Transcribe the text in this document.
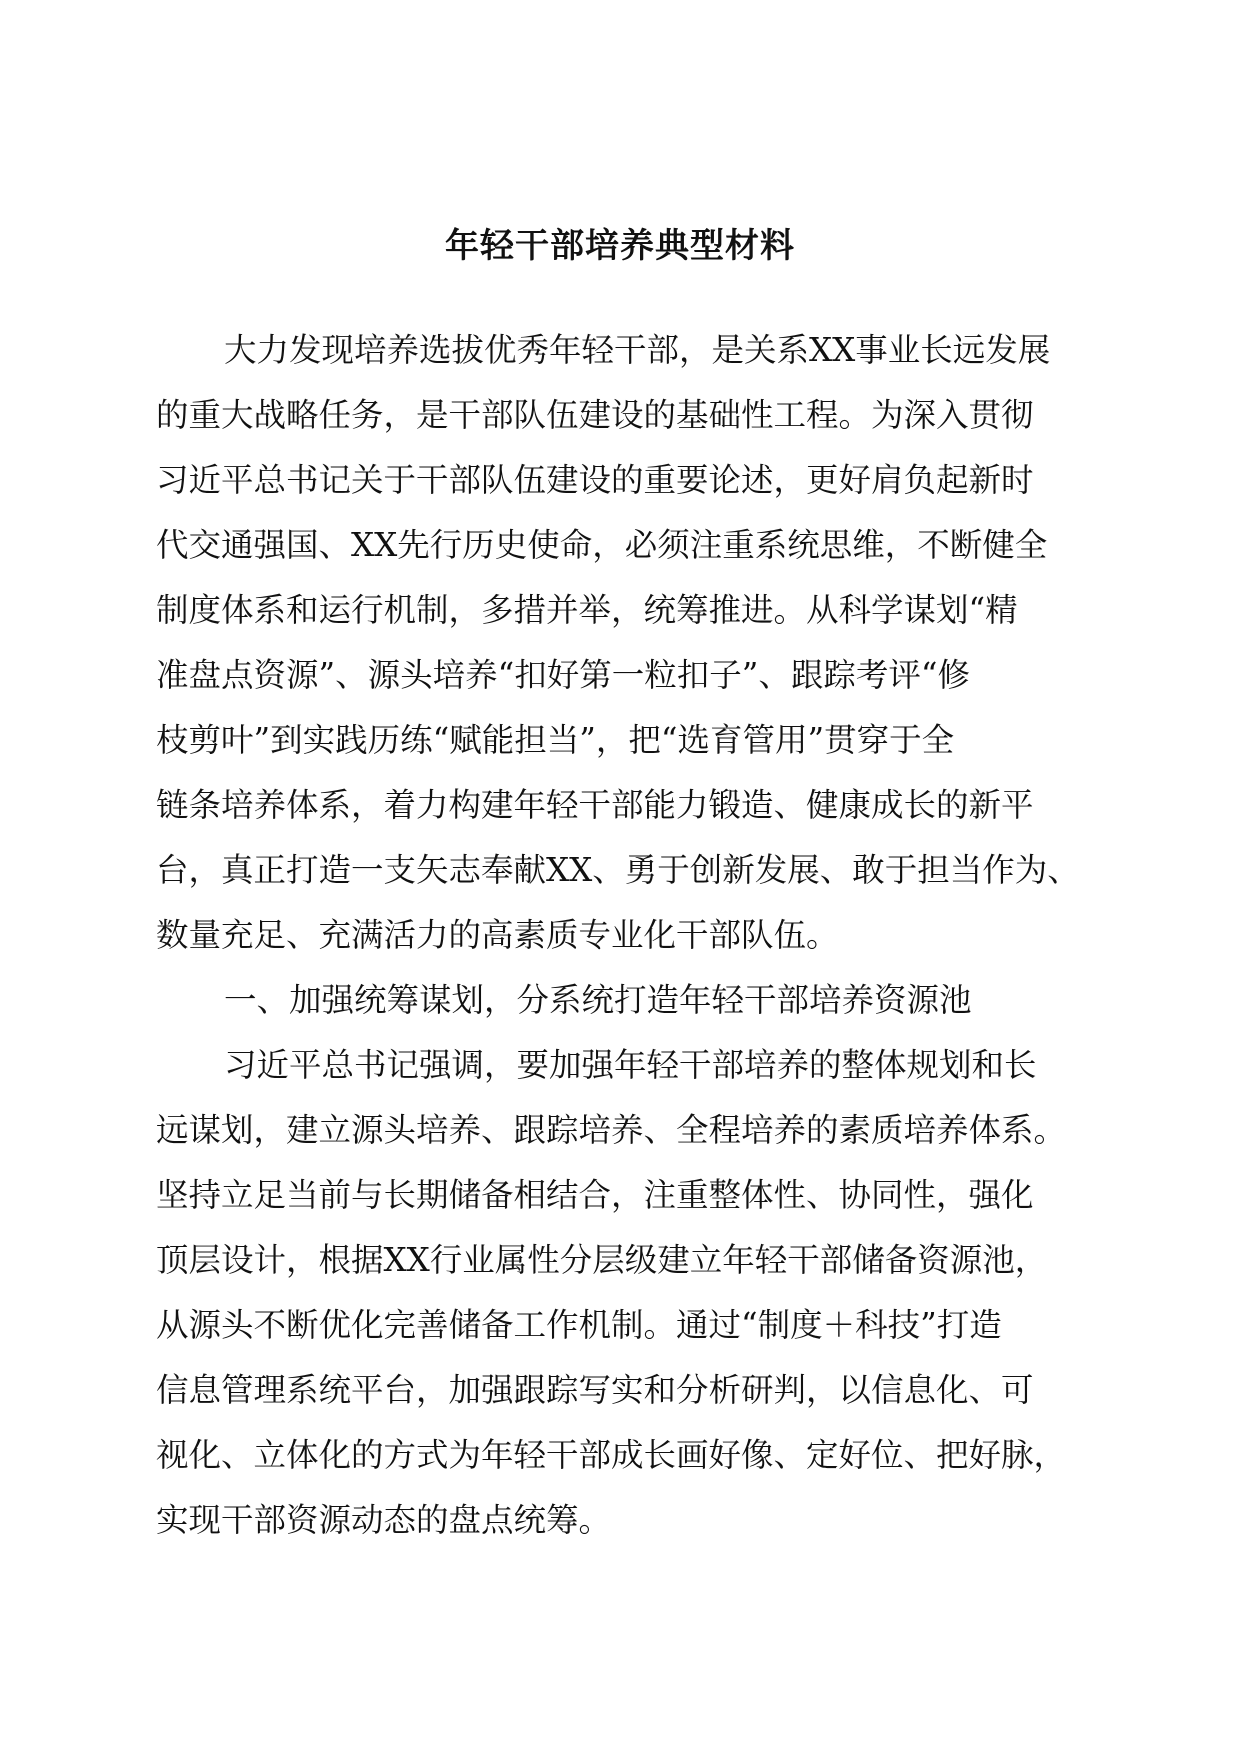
年轻干部培养典型材料

大力发现培养选拔优秀年轻干部，是关系XX事业长远发展

的重大战略任务，是干部队伍建设的基础性工程。为深入贯彻

习近平总书记关于干部队伍建设的重要论述，更好肩负起新时

代交通强国、XX先行历史使命，必须注重系统思维，不断健全

制度体系和运行机制，多措并举，统筹推进。从科学谋划“精

准盘点资源”、源头培养“扣好第一粒扣子”、跟踪考评“修

枝剪叶”到实践历练“赋能担当”，把“选育管用”贯穿于全

链条培养体系，着力构建年轻干部能力锻造、健康成长的新平

台，真正打造一支矢志奉献XX、勇于创新发展、敢于担当作为、

数量充足、充满活力的高素质专业化干部队伍。

一、加强统筹谋划，分系统打造年轻干部培养资源池

习近平总书记强调，要加强年轻干部培养的整体规划和长

远谋划，建立源头培养、跟踪培养、全程培养的素质培养体系。

坚持立足当前与长期储备相结合，注重整体性、协同性，强化

顶层设计，根据XX行业属性分层级建立年轻干部储备资源池，

从源头不断优化完善储备工作机制。通过“制度＋科技”打造

信息管理系统平台，加强跟踪写实和分析研判，以信息化、可

视化、立体化的方式为年轻干部成长画好像、定好位、把好脉，

实现干部资源动态的盘点统筹。
